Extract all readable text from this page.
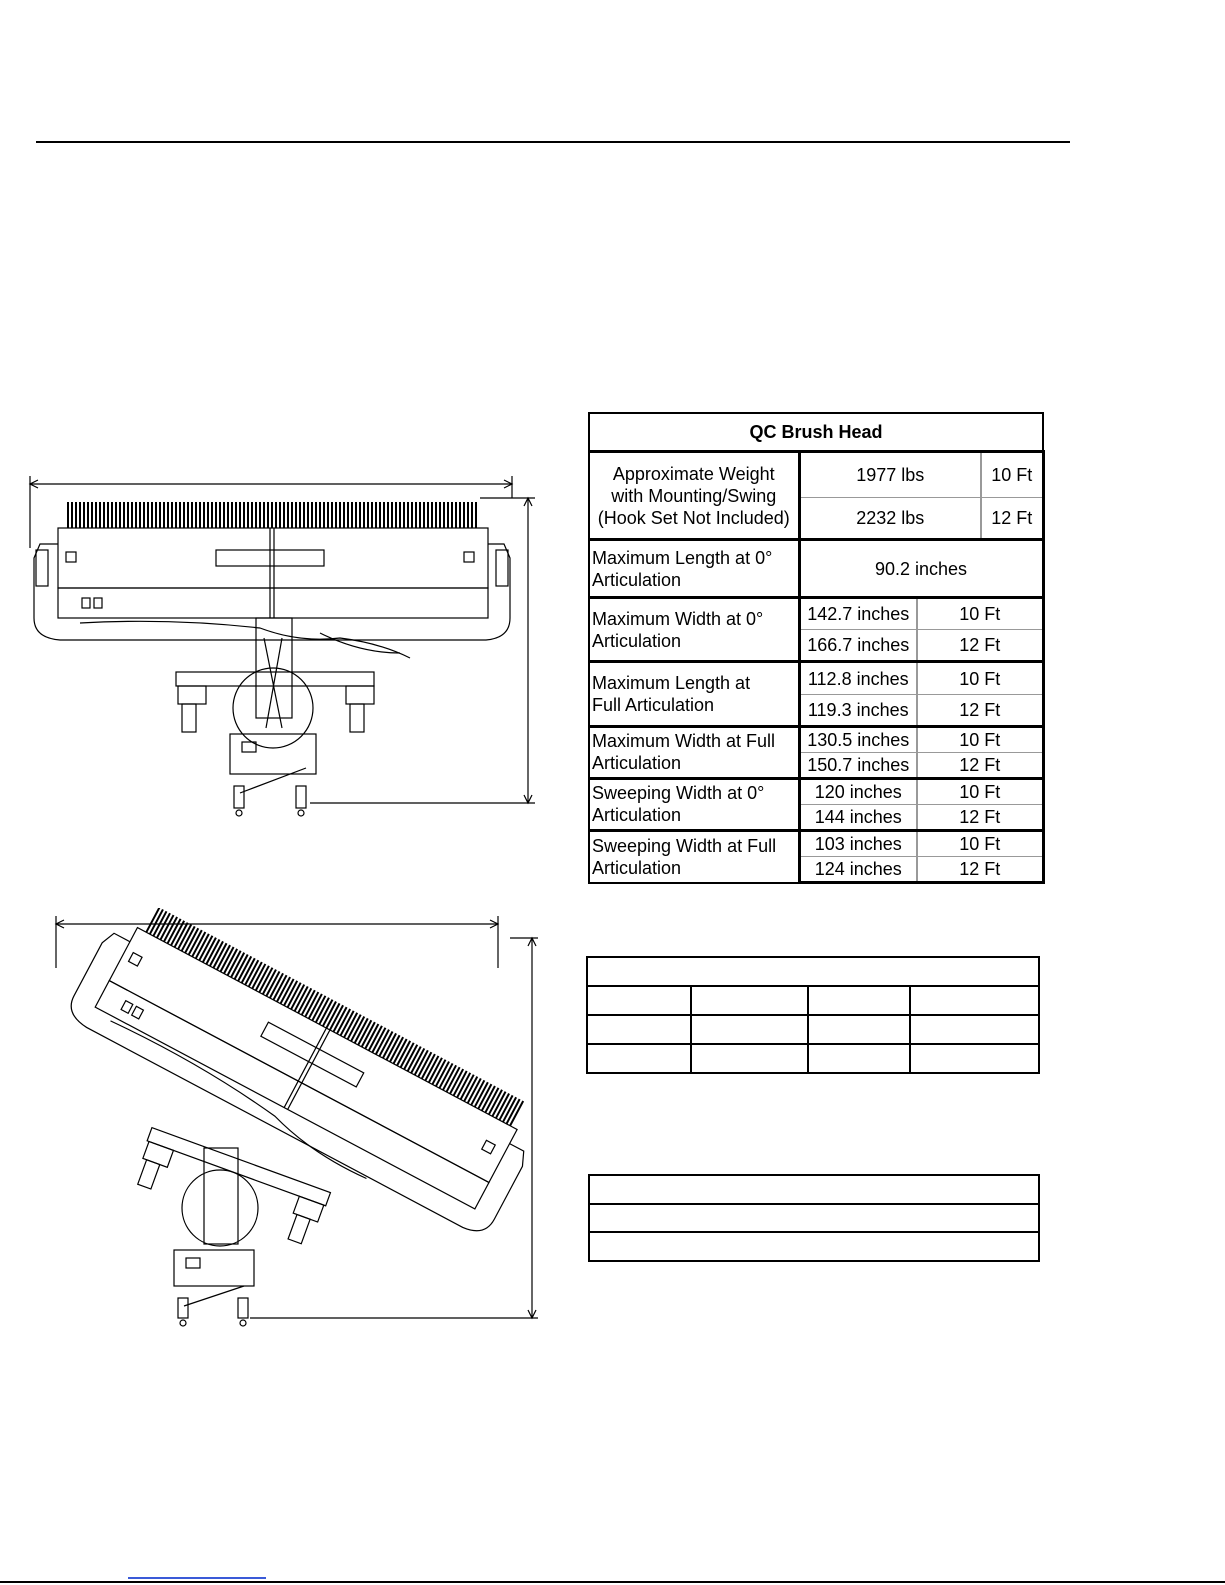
QC Brush Head			

Approximate Weight
with Mounting/Swing
(Hook Set Not Included)	1977 lbs		10 Ft
	2232 lbs		12 Ft

Maximum Length at 0°
Articulation	90.2 inches		

Maximum Width at 0°
Articulation	142.7 inches	10 Ft	
	166.7 inches	12 Ft	

Maximum Length at
Full Articulation	112.8 inches	10 Ft	
	119.3 inches	12 Ft	

Maximum Width at Full
Articulation	130.5 inches	10 Ft	
	150.7 inches	12 Ft	

Sweeping Width at 0°
Articulation	120 inches	10 Ft	
	144 inches	12 Ft	

Sweeping Width at Full
Articulation	103 inches	10 Ft	
	124 inches	12 Ft	
